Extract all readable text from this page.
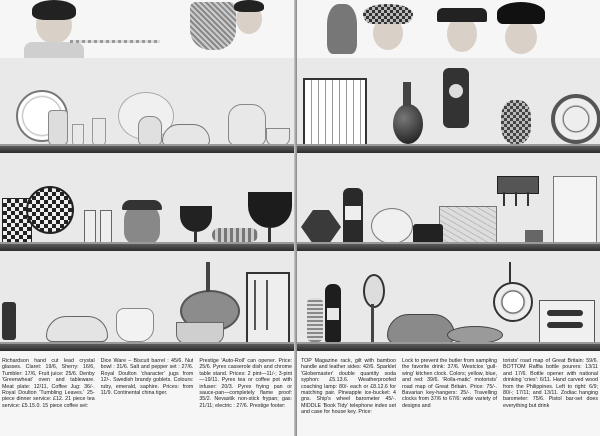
Richardson hand cut lead crystal glasses. Claret: 19/6, Sherry: 16/6, Tumbler: 17/6, Fruit juice: 25/6. Denby 'Greenwheat' oven and tableware. Meat plate: 12/11, Coffee Jug: 36/-. Royal Doulton 'Tumbling Leaves.' 25-piece dinner service: £12. 21 piece tea service: £5.15.0. 15 piece coffee set:

Dice Ware – Biscuit barrel : 45/6. Nut bowl : 31/6. Salt and pepper set : 27/6. Royal Doulton 'character' jugs from 12/-. Swedish brandy goblets. Colours: ruby, emerald, saphire. Prices: from 11/9. Continental china tiger.

Prestige 'Auto-Roll' can opener. Price: 25/6. Pyrex casserole dish and chrome table stand. Prices: 2 pint—11/-; 3-pint—19/11. Pyrex tea or coffee pot with infuser: 20/3. Pyrex frying pan or sauce-pan—completely flame proof: 35/2. Nevastik non-stick frypan; gas: 21/11; electric : 27/6. Prestige footer:

TOP Magazine rack, gilt with bamboo handle and leather sides: 42/6. Sparklet 'Globemaster' double quantity soda syphon: £5.13.6. Weatherproofed coaching lamp: 80/- each or £8.12.6 for matching pair. Pineapple ice-bucket: 4 gns. Ship's wheel barometer 45/-. MIDDLE 'Book Tidy' telephone index set and case for house key. Price:

Lock to prevent the butler from sampling the favorite drink: 37/6. Westclox 'gull-wing' kitchen clock. Colors; yellow, blue, and red: 39/6. 'Rolla-matic' motorists' road map of Great Britain. Price: 75/-. Bavarian key-hangers: 25/-. Travelling clocks from 37/6 to 67/6: wide variety of designs and

torists' road map of Great Britain: 59/6. BOTTOM Raffia bottle pourers: 13/11 and 17/6. Bottle opener with national drinking 'cries': 6/11. Hand carved wood from the Philippines. Left to right: 6/9; 80/-; 17/11; and 13/11. Zodiac hanging barometer: 75/6. Pistol bar-set does everything but drink
